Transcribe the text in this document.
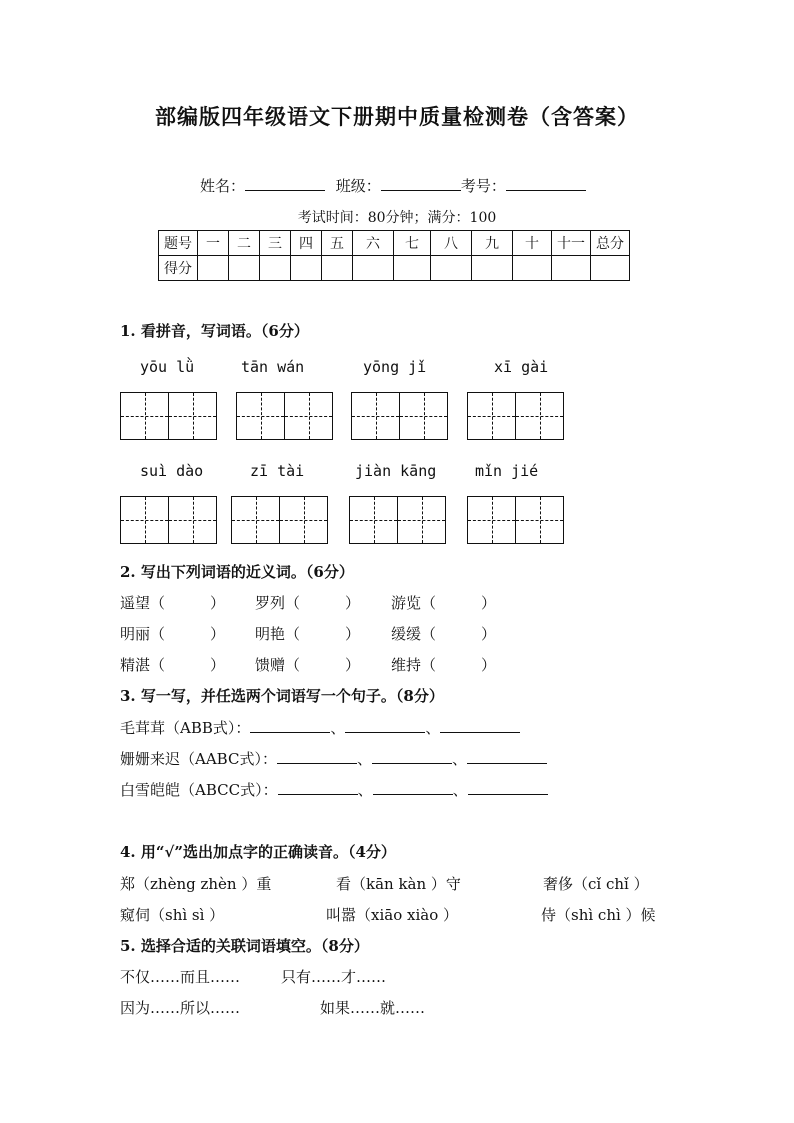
部编版四年级语文下册期中质量检测卷（含答案）
姓名：	班级：	考号：
考试时间：80分钟；满分：100
题号	一	二	三	四	五	六	七	八	九	十	十一	总分
得分												
1. 看拼音，写词语。（6分）
yōu lǜ	tān wán	yōng jǐ	xī gài
suì dào	zī tài	jiàn kāng	mǐn jié
2. 写出下列词语的近义词。（6分）
遥望（　　　） 罗列（　　　） 游览（　　　）
明丽（　　　） 明艳（　　　） 缓缓（　　　）
精湛（　　　） 馈赠（　　　） 维持（　　　）
3. 写一写，并任选两个词语写一个句子。（8分）
毛茸茸（ABB式）：	、	、
姗姗来迟（AABC式）：	、	、
白雪皑皑（ABCC式）：	、	、
4. 用“√”选出加点字的正确读音。（4分）
郑（zhèng zhèn ）重	看（kān kàn ）守	奢侈（cǐ chǐ ）
窥伺（shì sì ）	叫嚣（xiāo xiào ）	侍（shì chì ）候
5. 选择合适的关联词语填空。（8分）
不仅……而且……	只有……才……
因为……所以……	如果……就……
